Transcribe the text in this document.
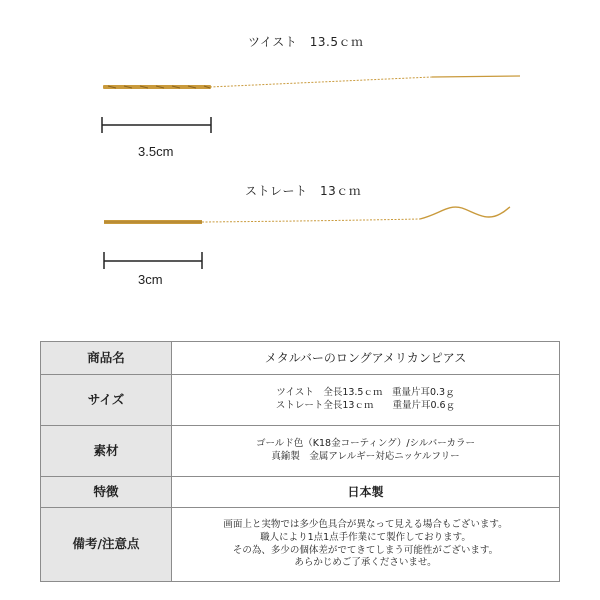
ツイスト　13.5ｃｍ
3.5cm
ストレート　13ｃｍ
3cm
商品名	メタルバーのロングアメリカンピアス

サイズ	ツイスト　全長13.5ｃｍ　重量片耳0.3ｇ
ストレート全長13ｃｍ　　重量片耳0.6ｇ

素材	ゴールド色（K18金コーティング）/シルバーカラー
真鍮製　金属アレルギー対応ニッケルフリー

特徴	日本製

備考/注意点	画面上と実物では多少色具合が異なって見える場合もございます。
職人により1点1点手作業にて製作しております。
その為、多少の個体差がでてきてしまう可能性がございます。
あらかじめご了承くださいませ。
